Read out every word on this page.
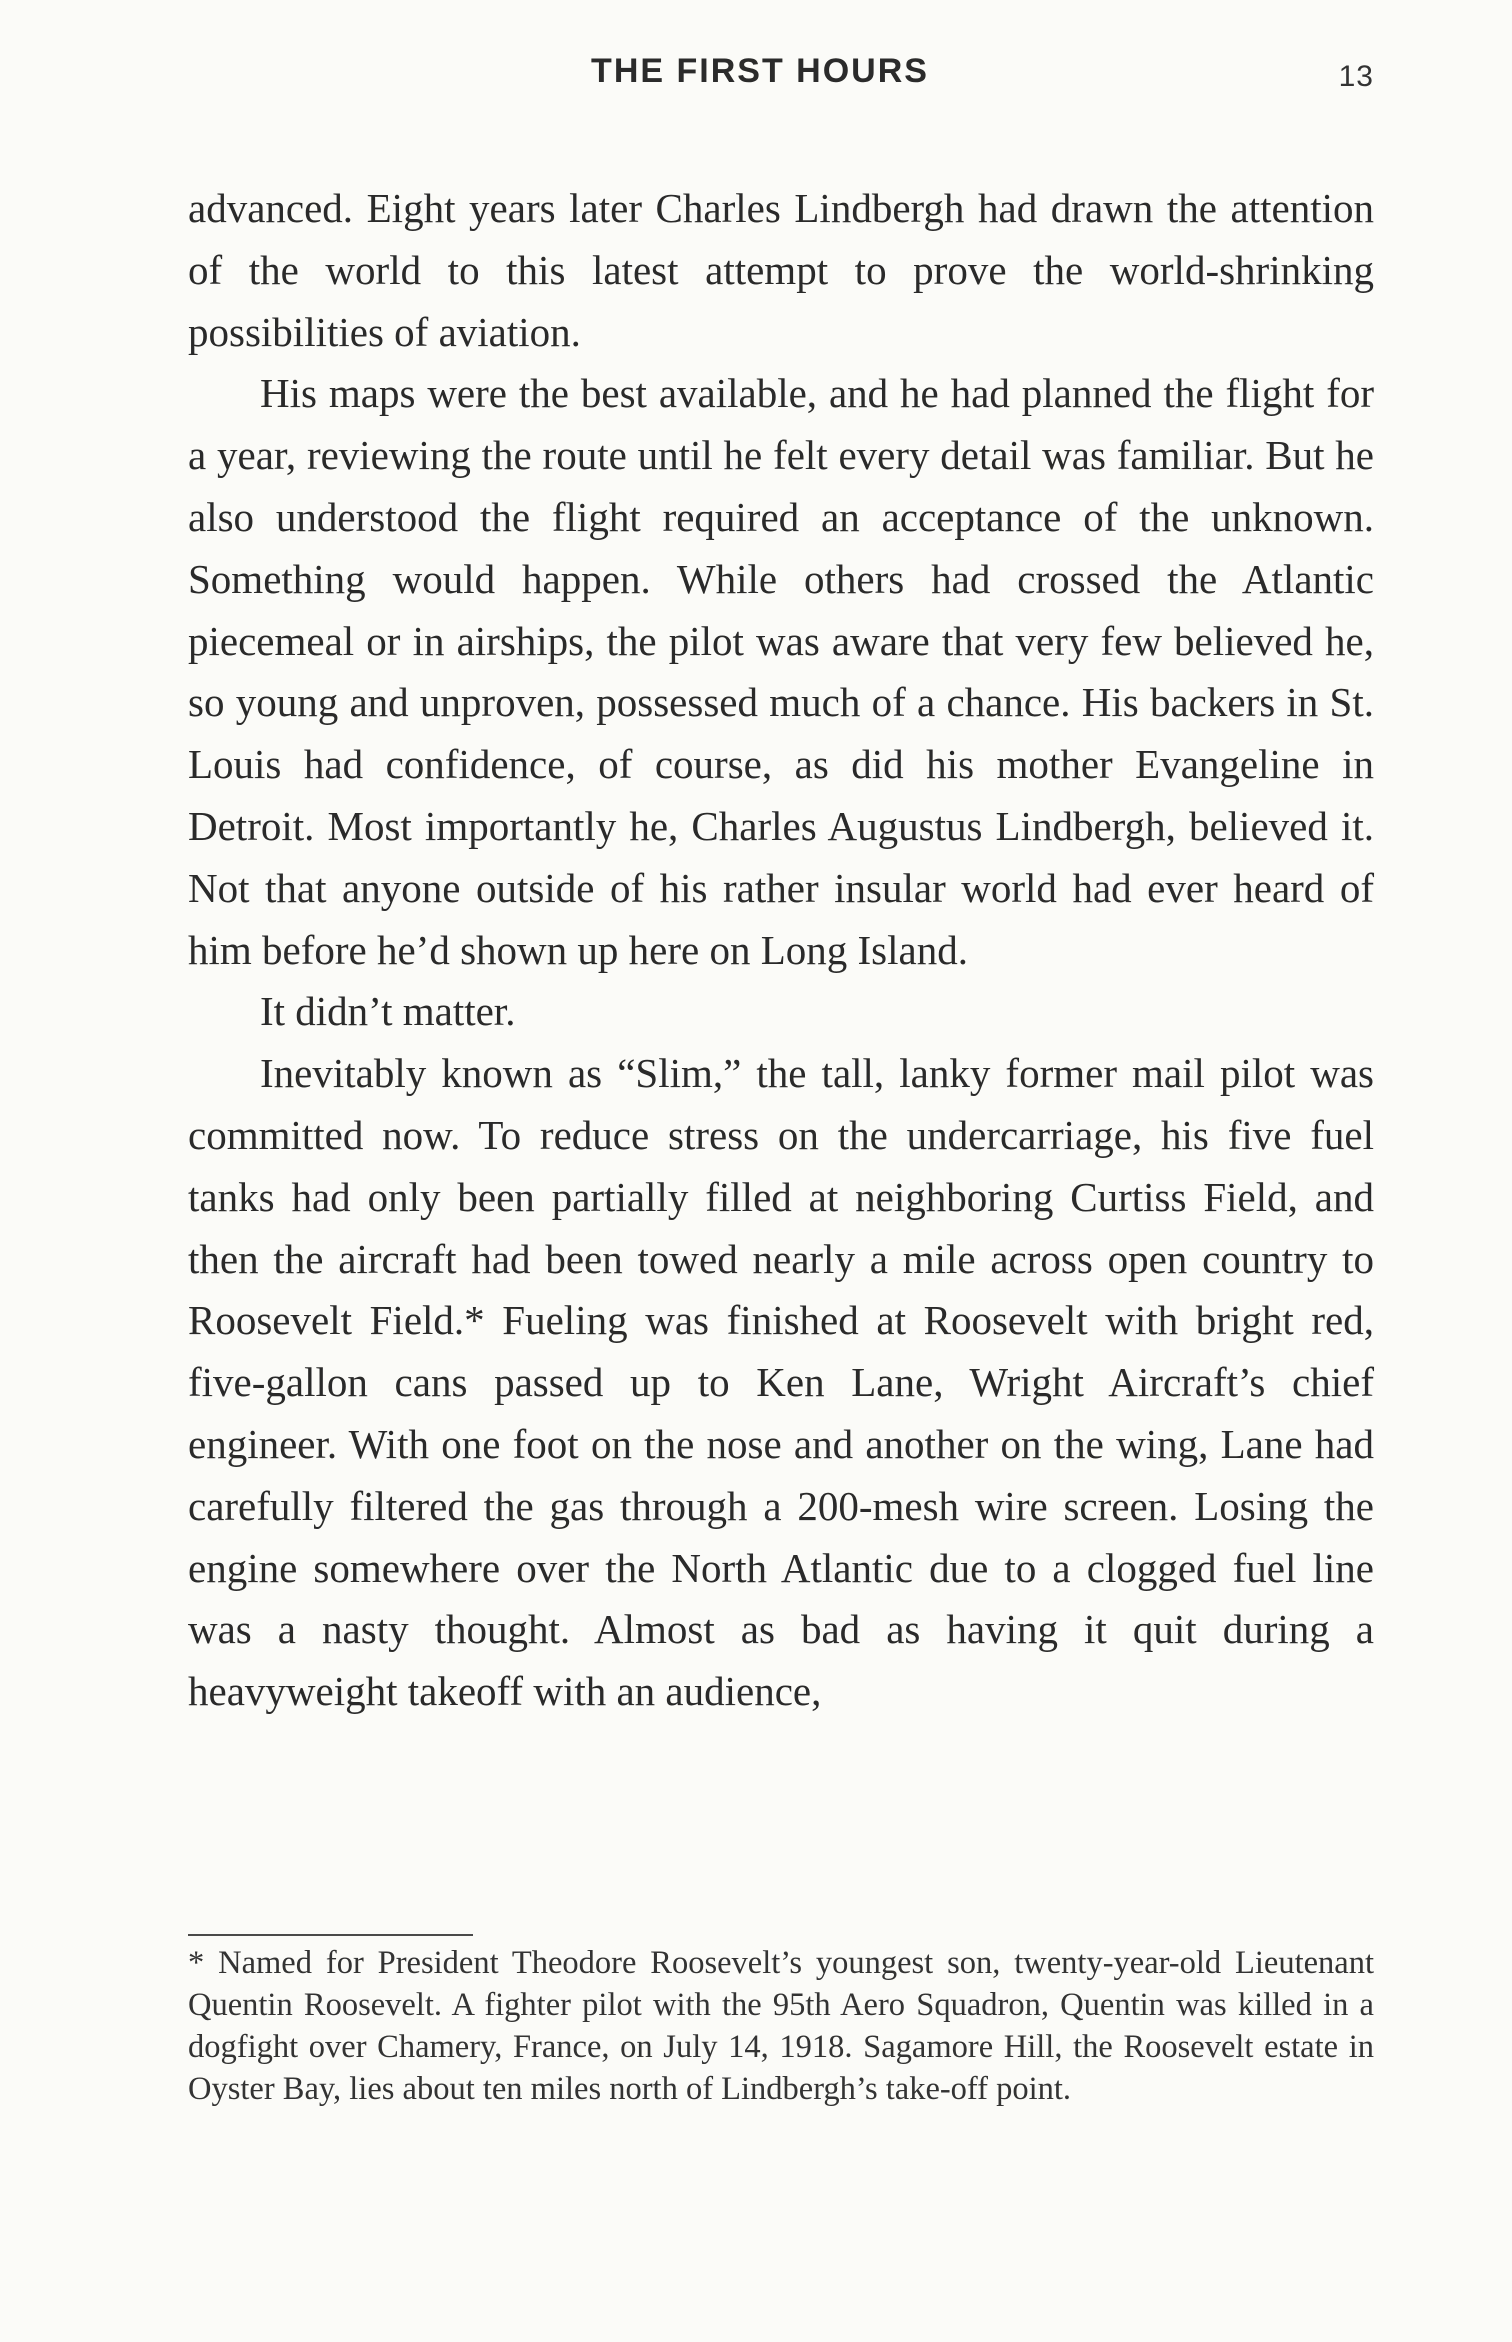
THE FIRST HOURS	13

advanced. Eight years later Charles Lindbergh had drawn the attention of the world to this latest attempt to prove the world-shrinking possibilities of aviation.

His maps were the best available, and he had planned the flight for a year, reviewing the route until he felt every detail was familiar. But he also understood the flight required an acceptance of the unknown. Something would happen. While others had crossed the Atlantic piecemeal or in airships, the pilot was aware that very few believed he, so young and unproven, possessed much of a chance. His backers in St. Louis had confidence, of course, as did his mother Evangeline in Detroit. Most importantly he, Charles Augustus Lindbergh, believed it. Not that anyone outside of his rather insular world had ever heard of him before he’d shown up here on Long Island.

It didn’t matter.

Inevitably known as “Slim,” the tall, lanky former mail pilot was committed now. To reduce stress on the undercarriage, his five fuel tanks had only been partially filled at neighboring Curtiss Field, and then the aircraft had been towed nearly a mile across open country to Roosevelt Field.* Fueling was finished at Roosevelt with bright red, five-gallon cans passed up to Ken Lane, Wright Aircraft’s chief engineer. With one foot on the nose and another on the wing, Lane had carefully filtered the gas through a 200-mesh wire screen. Losing the engine somewhere over the North Atlantic due to a clogged fuel line was a nasty thought. Almost as bad as having it quit during a heavyweight takeoff with an audience,

* Named for President Theodore Roosevelt’s youngest son, twenty-year-old Lieutenant Quentin Roosevelt. A fighter pilot with the 95th Aero Squadron, Quentin was killed in a dogfight over Chamery, France, on July 14, 1918. Sagamore Hill, the Roosevelt estate in Oyster Bay, lies about ten miles north of Lindbergh’s take-off point.
